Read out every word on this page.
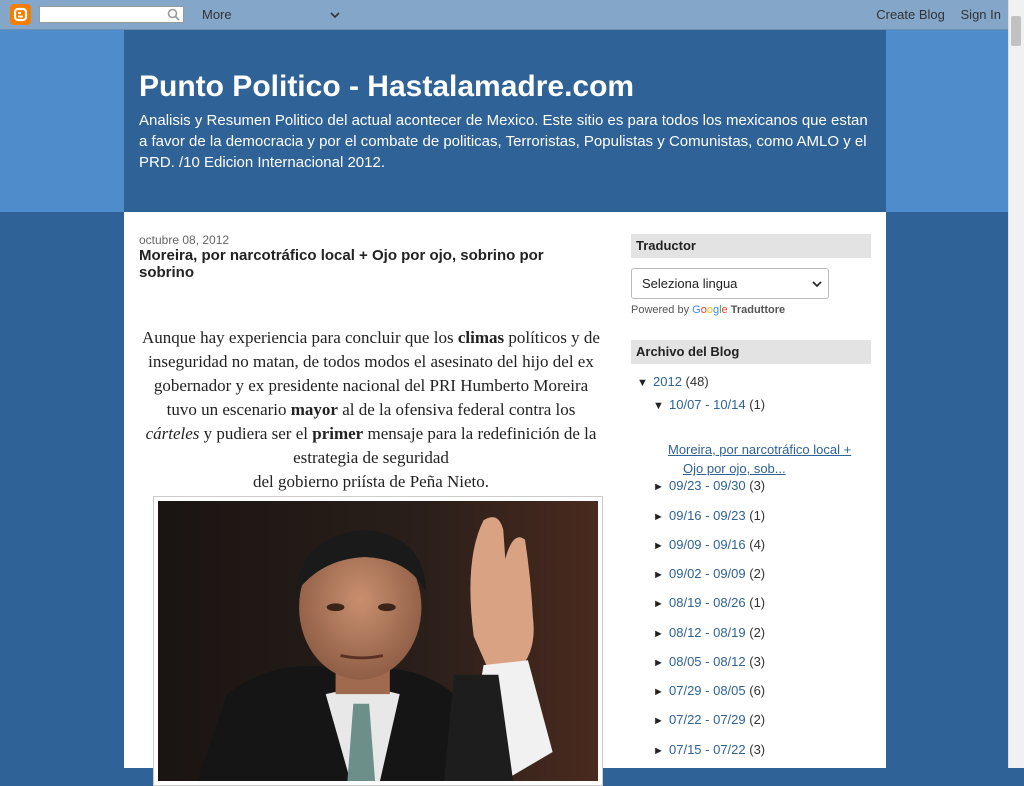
More	Create Blog Sign In
Punto Politico - Hastalamadre.com
Analisis y Resumen Politico del actual acontecer de Mexico. Este sitio es para todos los mexicanos que estan a favor de la democracia y por el combate de politicas, Terroristas, Populistas y Comunistas, como AMLO y el PRD. /10 Edicion Internacional 2012.
octubre 08, 2012
Moreira, por narcotráfico local + Ojo por ojo, sobrino por sobrino
Aunque hay experiencia para concluir que los climas políticos y de inseguridad no matan, de todos modos el asesinato del hijo del ex gobernador y ex presidente nacional del PRI Humberto Moreira tuvo un escenario mayor al de la ofensiva federal contra los cárteles y pudiera ser el primer mensaje para la redefinición de la estrategia de seguridad
del gobierno priísta de Peña Nieto.
Traductor
Seleziona lingua
Powered by Google Traduttore
Archivo del Blog
▼ 2012 (48)
▼ 10/07 - 10/14 (1)
Moreira, por narcotráfico local +
Ojo por ojo, sob...
► 09/23 - 09/30 (3)
► 09/16 - 09/23 (1)
► 09/09 - 09/16 (4)
► 09/02 - 09/09 (2)
► 08/19 - 08/26 (1)
► 08/12 - 08/19 (2)
► 08/05 - 08/12 (3)
► 07/29 - 08/05 (6)
► 07/22 - 07/29 (2)
► 07/15 - 07/22 (3)
